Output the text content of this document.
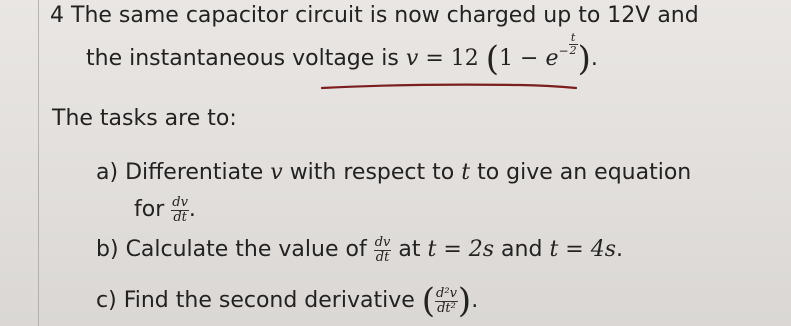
4 The same capacitor circuit is now charged up to 12V and
the instantaneous voltage is v = 12 ($1 - e^{- \frac{t}{2}}$ ).
The tasks are to:
a) Differentiate v with respect to t to give an equation
for $\frac{dv}{dt}$ .
b) Calculate the value of $\frac{dv}{dt}$ at t = 2s and t = 4s.
c) Find the second derivative ( $\frac{\text{d²v}}{\text{dt²}}$ ).
